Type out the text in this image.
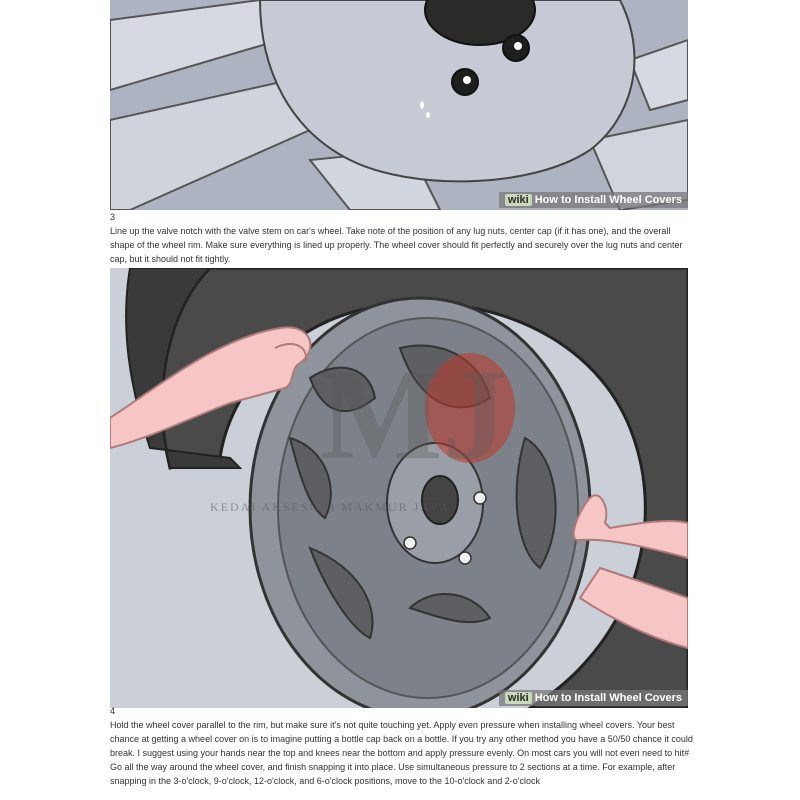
wiki How to Install Wheel Covers
3
Line up the valve notch with the valve stem on car's wheel. Take note of the position of any lug nuts, center cap (if it has one), and the overall shape of the wheel rim. Make sure everything is lined up properly. The wheel cover should fit perfectly and securely over the lug nuts and center cap, but it should not fit tightly.
MJ
wiki How to Install Wheel Covers
KEDAI AKSESORI MAKMUR JAYA
4
Hold the wheel cover parallel to the rim, but make sure it's not quite touching yet. Apply even pressure when installing wheel covers. Your best chance at getting a wheel cover on is to imagine putting a bottle cap back on a bottle. If you try any other method you have a 50/50 chance it could break. I suggest using your hands near the top and knees near the bottom and apply pressure evenly. On most cars you will not even need to hit# Go all the way around the wheel cover, and finish snapping it into place. Use simultaneous pressure to 2 sections at a time. For example, after snapping in the 3-o'clock, 9-o'clock, 12-o'clock, and 6-o'clock positions, move to the 10-o'clock and 2-o'clock
